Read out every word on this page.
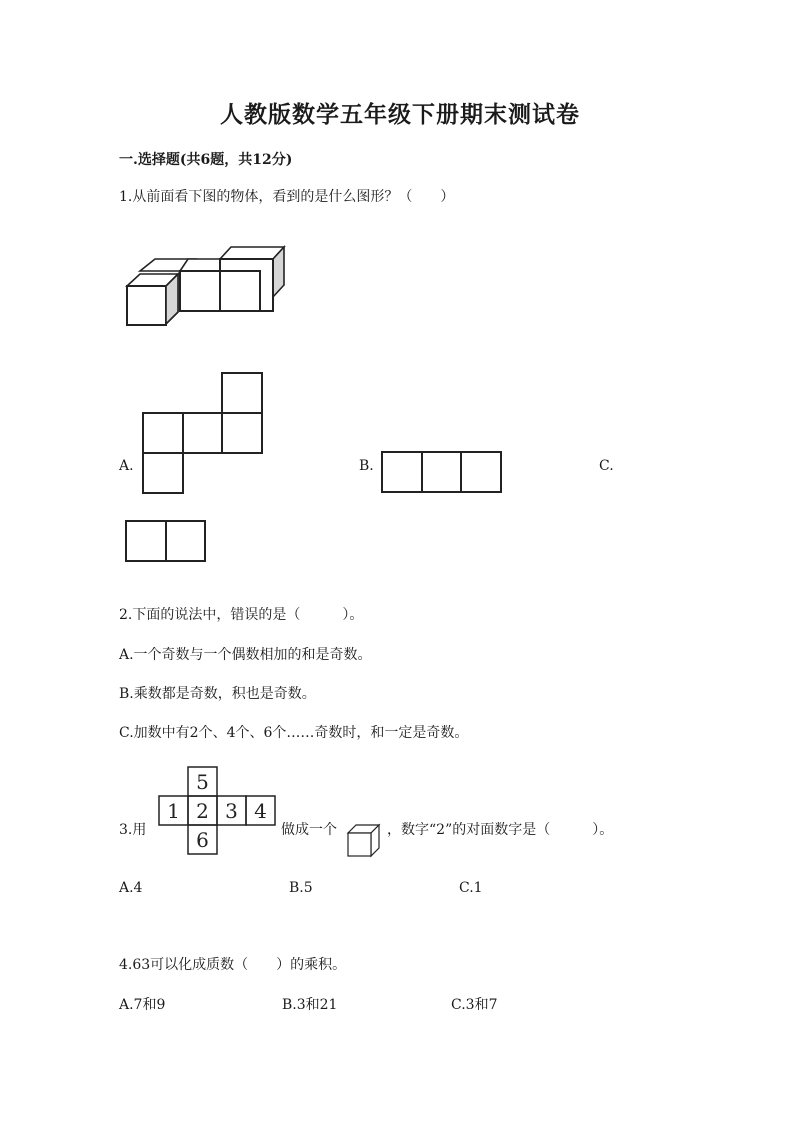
人教版数学五年级下册期末测试卷
一.选择题(共6题，共12分)
1.从前面看下图的物体，看到的是什么图形？（　　）
A.	B.	C.
2.下面的说法中，错误的是（　　　）。
A.一个奇数与一个偶数相加的和是奇数。
B.乘数都是奇数，积也是奇数。
C.加数中有2个、4个、6个……奇数时，和一定是奇数。
3.用
5
1 2 3 4
6	做成一个	，数字“2”的对面数字是（　　　）。
A.4	B.5	C.1
4.63可以化成质数（　　）的乘积。
A.7和9	B.3和21	C.3和7
